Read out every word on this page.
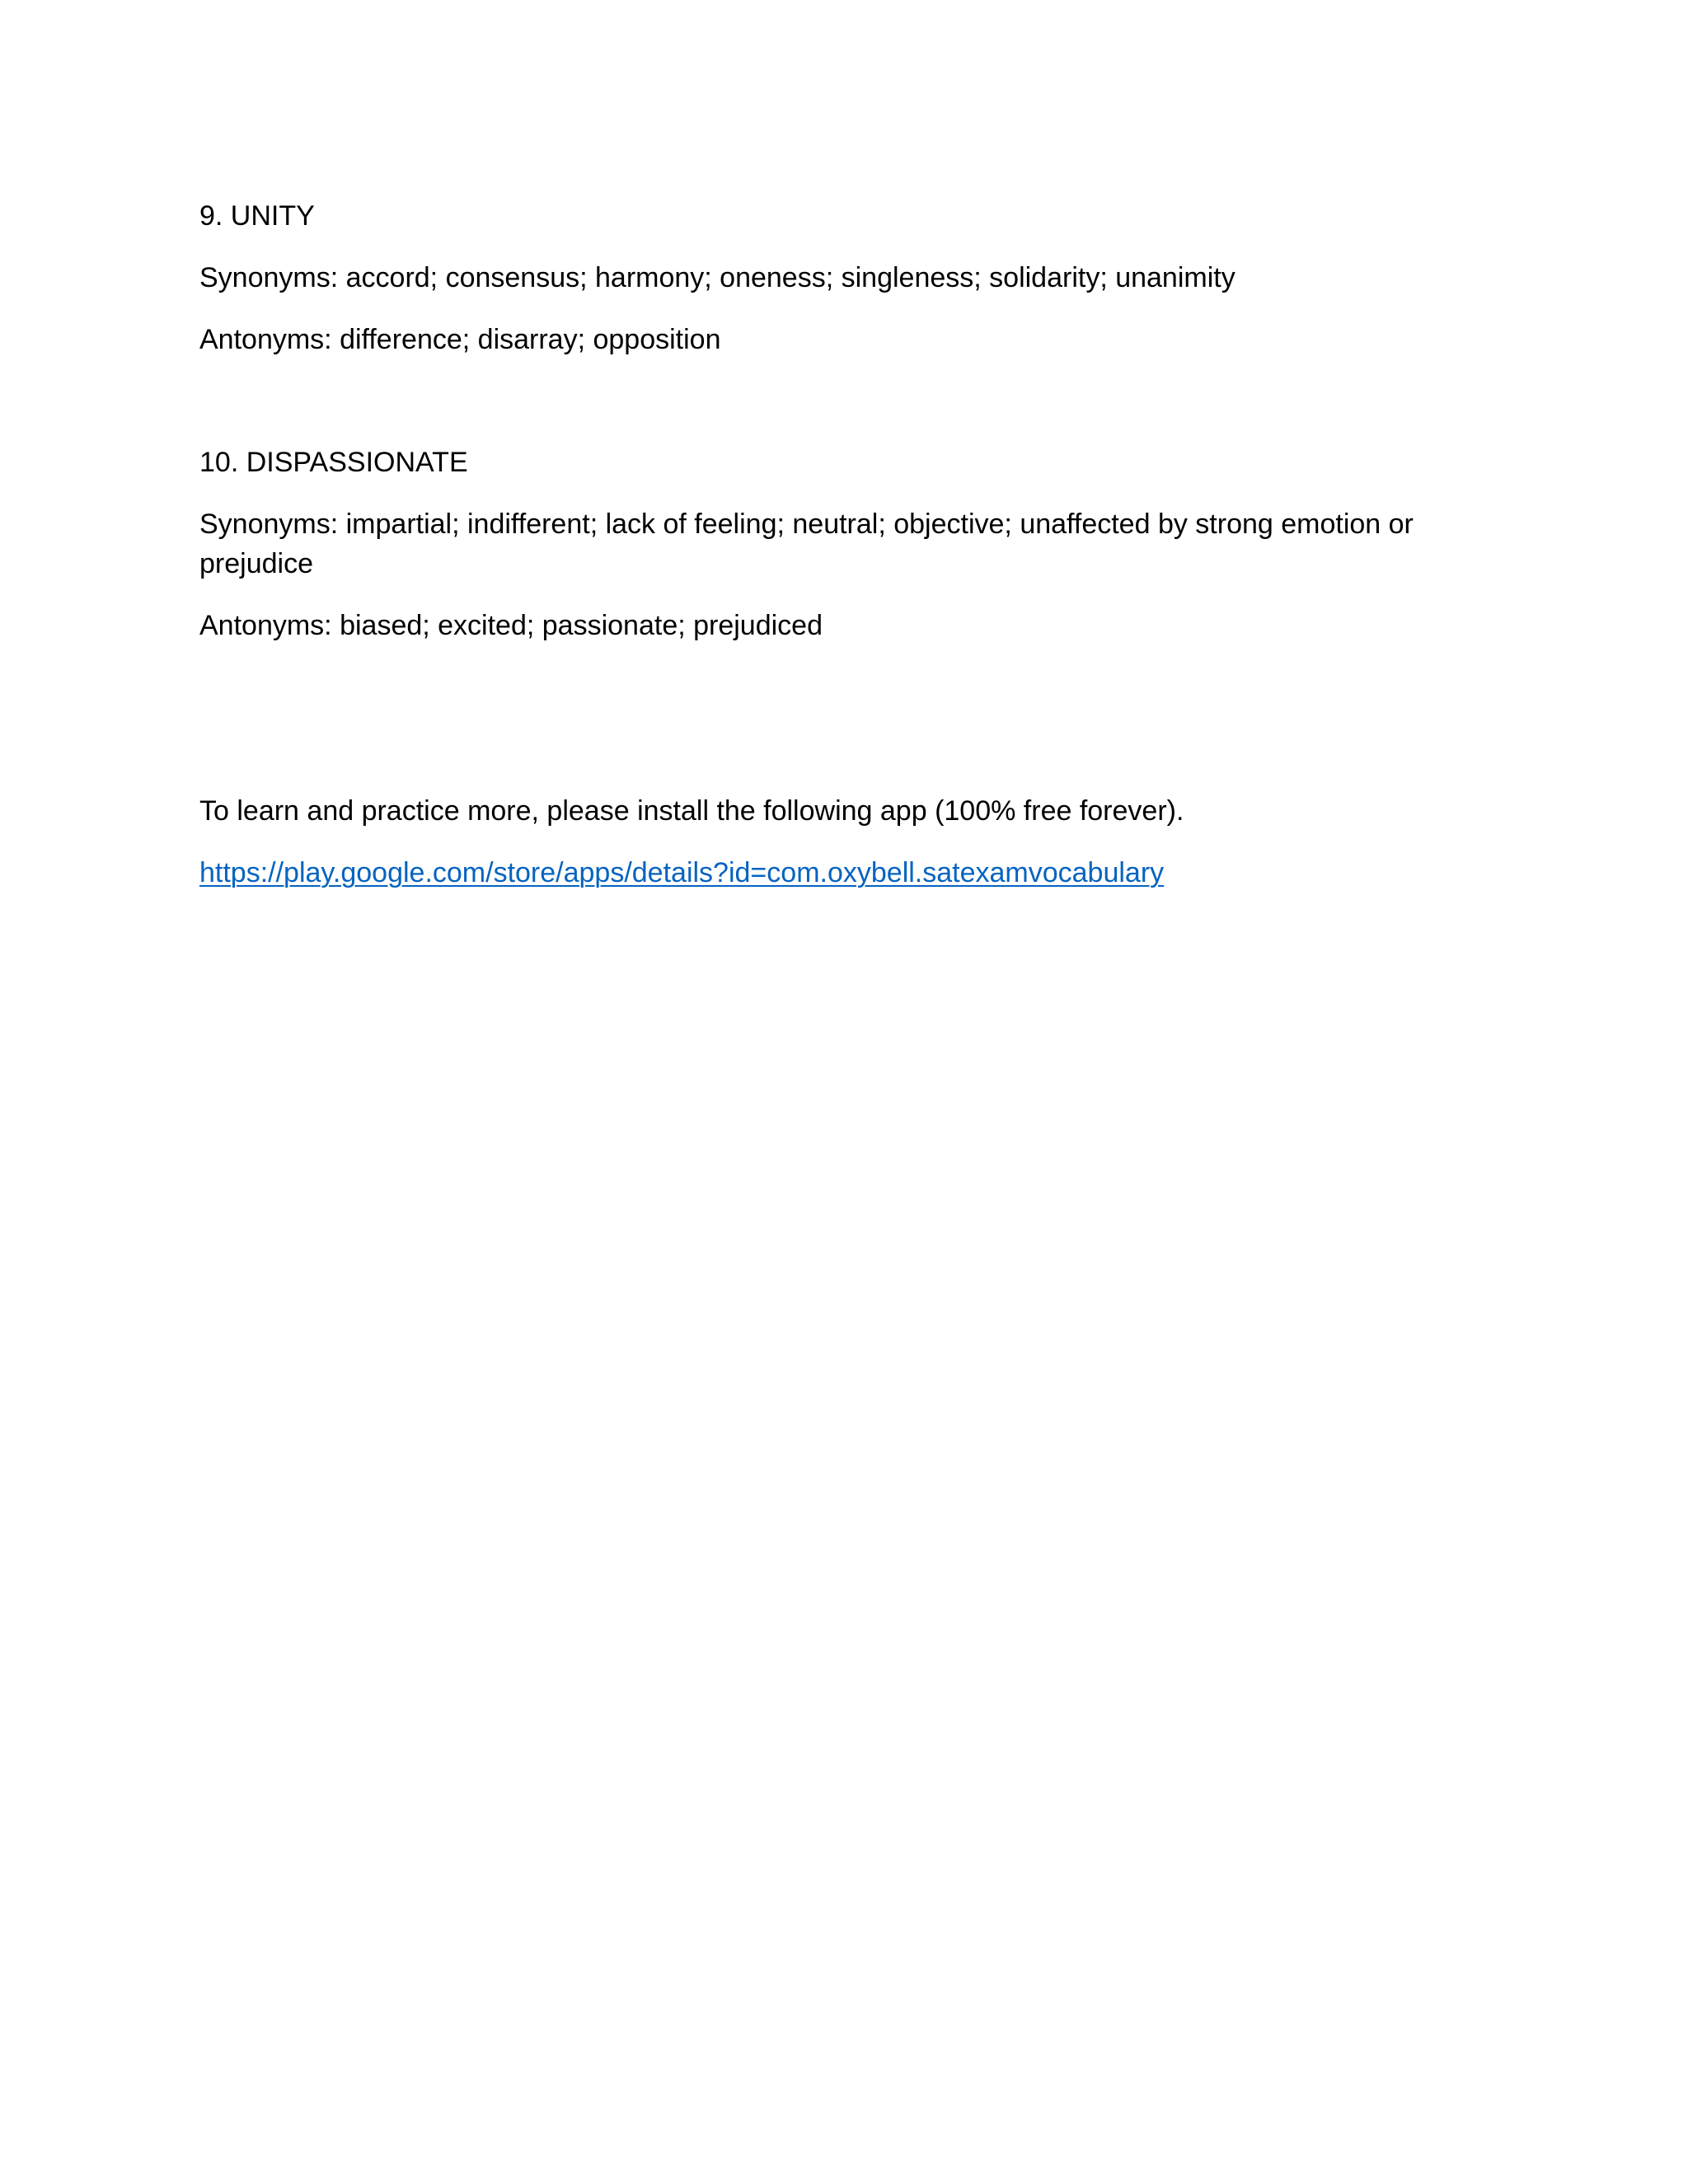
9. UNITY

Synonyms: accord; consensus; harmony; oneness; singleness; solidarity; unanimity

Antonyms: difference; disarray; opposition

10. DISPASSIONATE

Synonyms: impartial; indifferent; lack of feeling; neutral; objective; unaffected by strong emotion or prejudice

Antonyms: biased; excited; passionate; prejudiced

To learn and practice more, please install the following app (100% free forever).

https://play.google.com/store/apps/details?id=com.oxybell.satexamvocabulary
